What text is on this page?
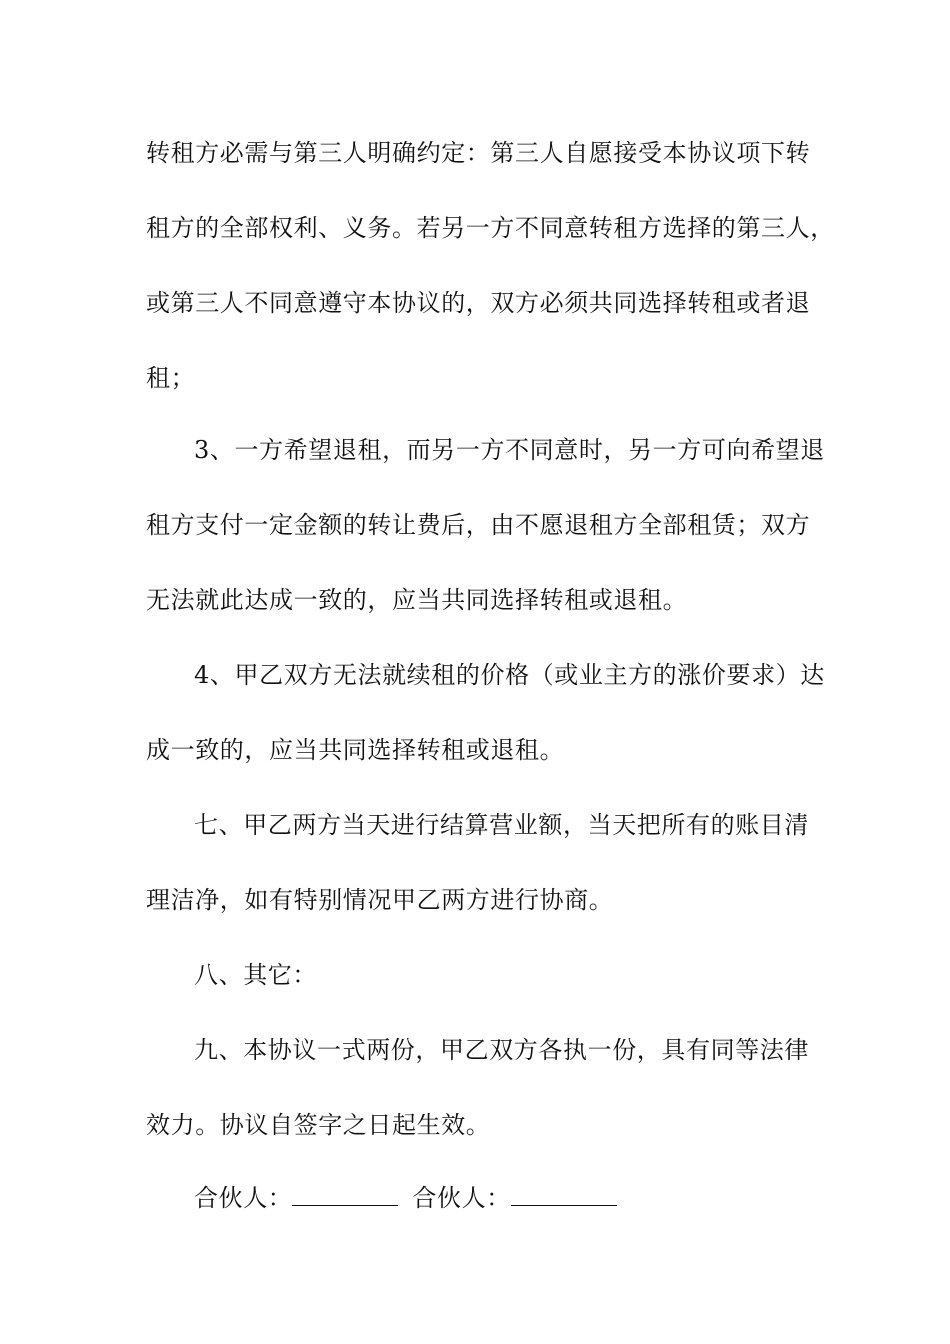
转租方必需与第三人明确约定：第三人自愿接受本协议项下转
租方的全部权利、义务。若另一方不同意转租方选择的第三人，
或第三人不同意遵守本协议的，双方必须共同选择转租或者退
租；
3、一方希望退租，而另一方不同意时，另一方可向希望退
租方支付一定金额的转让费后，由不愿退租方全部租赁；双方
无法就此达成一致的，应当共同选择转租或退租。
4、甲乙双方无法就续租的价格（或业主方的涨价要求）达
成一致的，应当共同选择转租或退租。
七、甲乙两方当天进行结算营业额，当天把所有的账目清
理洁净，如有特别情况甲乙两方进行协商。
八、其它：
九、本协议一式两份，甲乙双方各执一份，具有同等法律
效力。协议自签字之日起生效。
合伙人：	合伙人：
